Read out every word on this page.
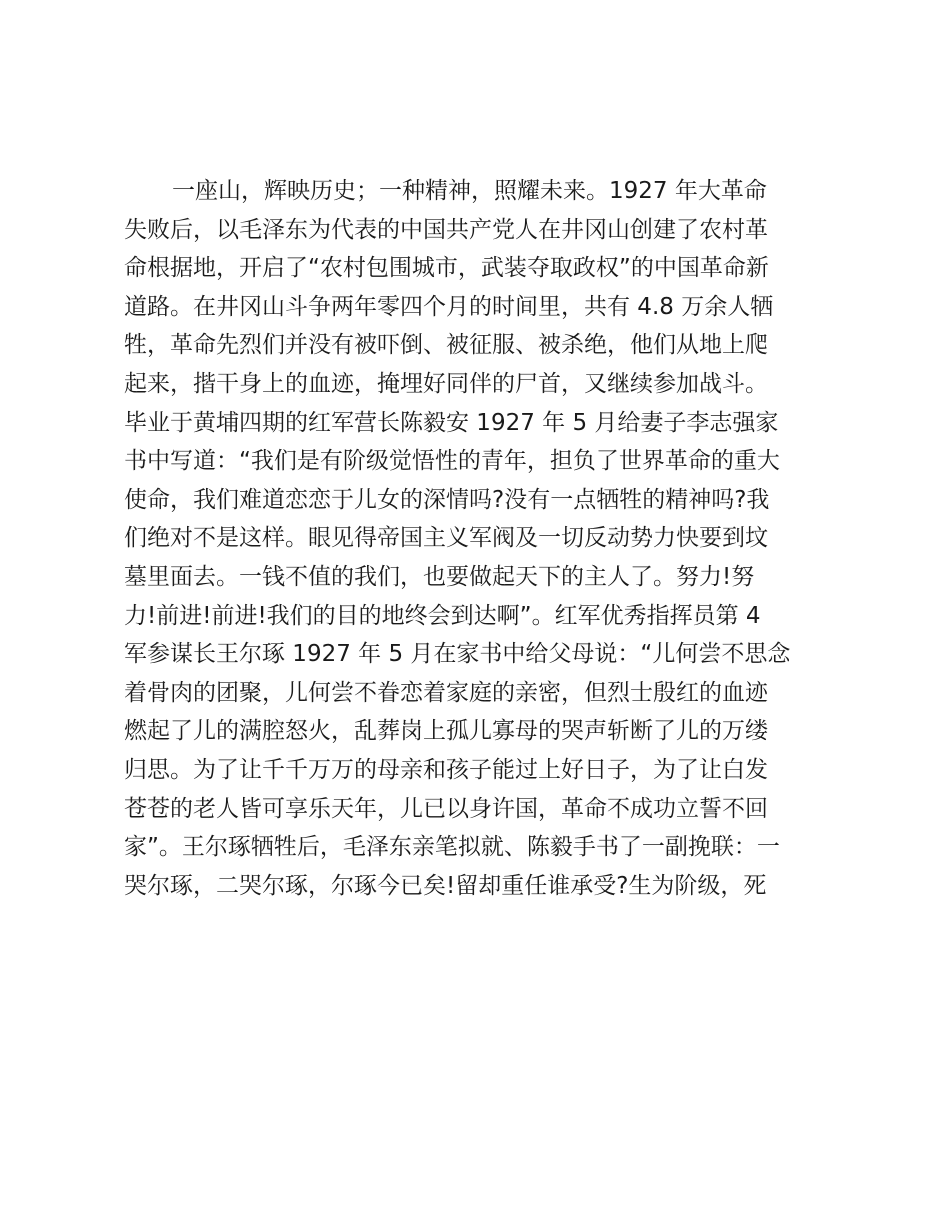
一座山，辉映历史；一种精神，照耀未来。1927 年大革命
失败后，以毛泽东为代表的中国共产党人在井冈山创建了农村革
命根据地，开启了“农村包围城市，武装夺取政权”的中国革命新
道路。在井冈山斗争两年零四个月的时间里，共有 4.8 万余人牺
牲，革命先烈们并没有被吓倒、被征服、被杀绝，他们从地上爬
起来，揩干身上的血迹，掩埋好同伴的尸首，又继续参加战斗。
毕业于黄埔四期的红军营长陈毅安 1927 年 5 月给妻子李志强家
书中写道：“我们是有阶级觉悟性的青年，担负了世界革命的重大
使命，我们难道恋恋于儿女的深情吗?没有一点牺牲的精神吗?我
们绝对不是这样。眼见得帝国主义军阀及一切反动势力快要到坟
墓里面去。一钱不值的我们，也要做起天下的主人了。努力!努
力!前进!前进!我们的目的地终会到达啊”。红军优秀指挥员第 4
军参谋长王尔琢 1927 年 5 月在家书中给父母说：“儿何尝不思念
着骨肉的团聚，儿何尝不眷恋着家庭的亲密，但烈士殷红的血迹
燃起了儿的满腔怒火，乱葬岗上孤儿寡母的哭声斩断了儿的万缕
归思。为了让千千万万的母亲和孩子能过上好日子，为了让白发
苍苍的老人皆可享乐天年，儿已以身许国，革命不成功立誓不回
家”。王尔琢牺牲后，毛泽东亲笔拟就、陈毅手书了一副挽联：一
哭尔琢，二哭尔琢，尔琢今已矣!留却重任谁承受?生为阶级，死
